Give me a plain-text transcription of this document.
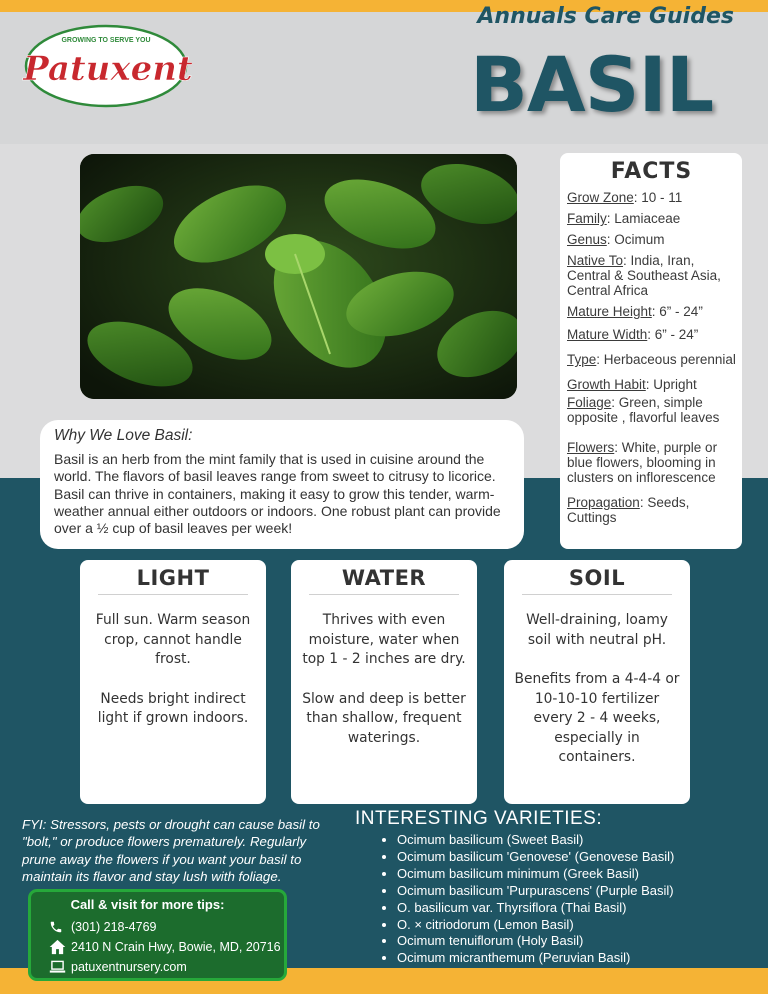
GROWING TO SERVE YOU
Patuxent
Annuals Care Guides
BASIL
FACTS
Grow Zone: 10 - 11
Family: Lamiaceae
Genus: Ocimum
Native To: India, Iran, Central & Southeast Asia, Central Africa
Mature Height: 6” - 24”
Mature Width: 6” - 24”
Type: Herbaceous perennial
Growth Habit: Upright
Foliage: Green, simple opposite , flavorful leaves
Flowers: White, purple or blue flowers, blooming in clusters on inflorescence
Propagation: Seeds, Cuttings
Why We Love Basil:
Basil is an herb from the mint family that is used in cuisine around the world. The flavors of basil leaves range from sweet to citrusy to licorice. Basil can thrive in containers, making it easy to grow this tender, warm-weather annual either outdoors or indoors. One robust plant can provide over a ½ cup of basil leaves per week!
LIGHT
Full sun. Warm season crop, cannot handle frost.
Needs bright indirect light if grown indoors.
WATER
Thrives with even moisture, water when top 1 - 2 inches are dry.
Slow and deep is better than shallow, frequent waterings.
SOIL
Well-draining, loamy soil with neutral pH.
Benefits from a 4-4-4 or 10-10-10 fertilizer every 2 - 4 weeks, especially in containers.
FYI: Stressors, pests or drought can cause basil to "bolt," or produce flowers prematurely. Regularly prune away the flowers if you want your basil to maintain its flavor and stay lush with foliage.
Call & visit for more tips:
(301) 218-4769
2410 N Crain Hwy, Bowie, MD, 20716
patuxentnursery.com
INTERESTING VARIETIES:
• Ocimum basilicum (Sweet Basil)
• Ocimum basilicum 'Genovese' (Genovese Basil)
• Ocimum basilicum minimum (Greek Basil)
• Ocimum basilicum 'Purpurascens' (Purple Basil)
• O. basilicum var. Thyrsiflora (Thai Basil)
• O. × citriodorum (Lemon Basil)
• Ocimum tenuiflorum (Holy Basil)
• Ocimum micranthemum (Peruvian Basil)
